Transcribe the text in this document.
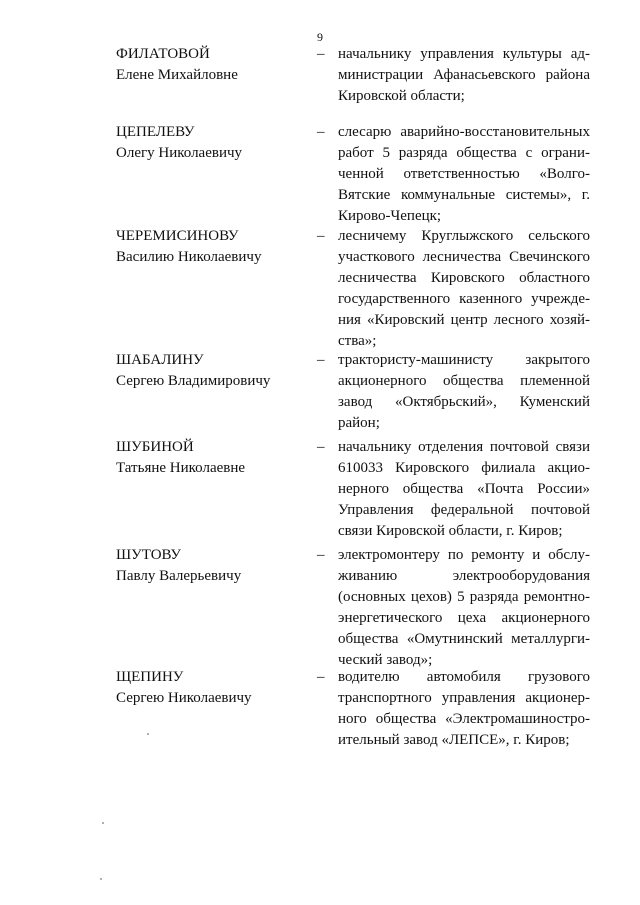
9
ФИЛАТОВОЙ
Елене Михайловне
– начальнику управления культуры администрации Афанасьевского района Кировской области;
ЦЕПЕЛЕВУ
Олегу Николаевичу
– слесарю аварийно-восстановительных работ 5 разряда общества с ограниченной ответственностью «Волго-Вятские коммунальные системы», г. Кирово-Чепецк;
ЧЕРЕМИСИНОВУ
Василию Николаевичу
– лесничему Круглыжского сельского участкового лесничества Свечинского лесничества Кировского областного государственного казенного учреждения «Кировский центр лесного хозяйства»;
ШАБАЛИНУ
Сергею Владимировичу
– трактористу-машинисту закрытого акционерного общества племенной завод «Октябрьский», Куменский район;
ШУБИНОЙ
Татьяне Николаевне
– начальнику отделения почтовой связи 610033 Кировского филиала акционерного общества «Почта России» Управления федеральной почтовой связи Кировской области, г. Киров;
ШУТОВУ
Павлу Валерьевичу
– электромонтеру по ремонту и обслуживанию электрооборудования (основных цехов) 5 разряда ремонтно-энергетического цеха акционерного общества «Омутнинский металлургический завод»;
ЩЕПИНУ
Сергею Николаевичу
– водителю автомобиля грузового транспортного управления акционерного общества «Электромашиностроительный завод «ЛЕПСЕ», г. Киров;
